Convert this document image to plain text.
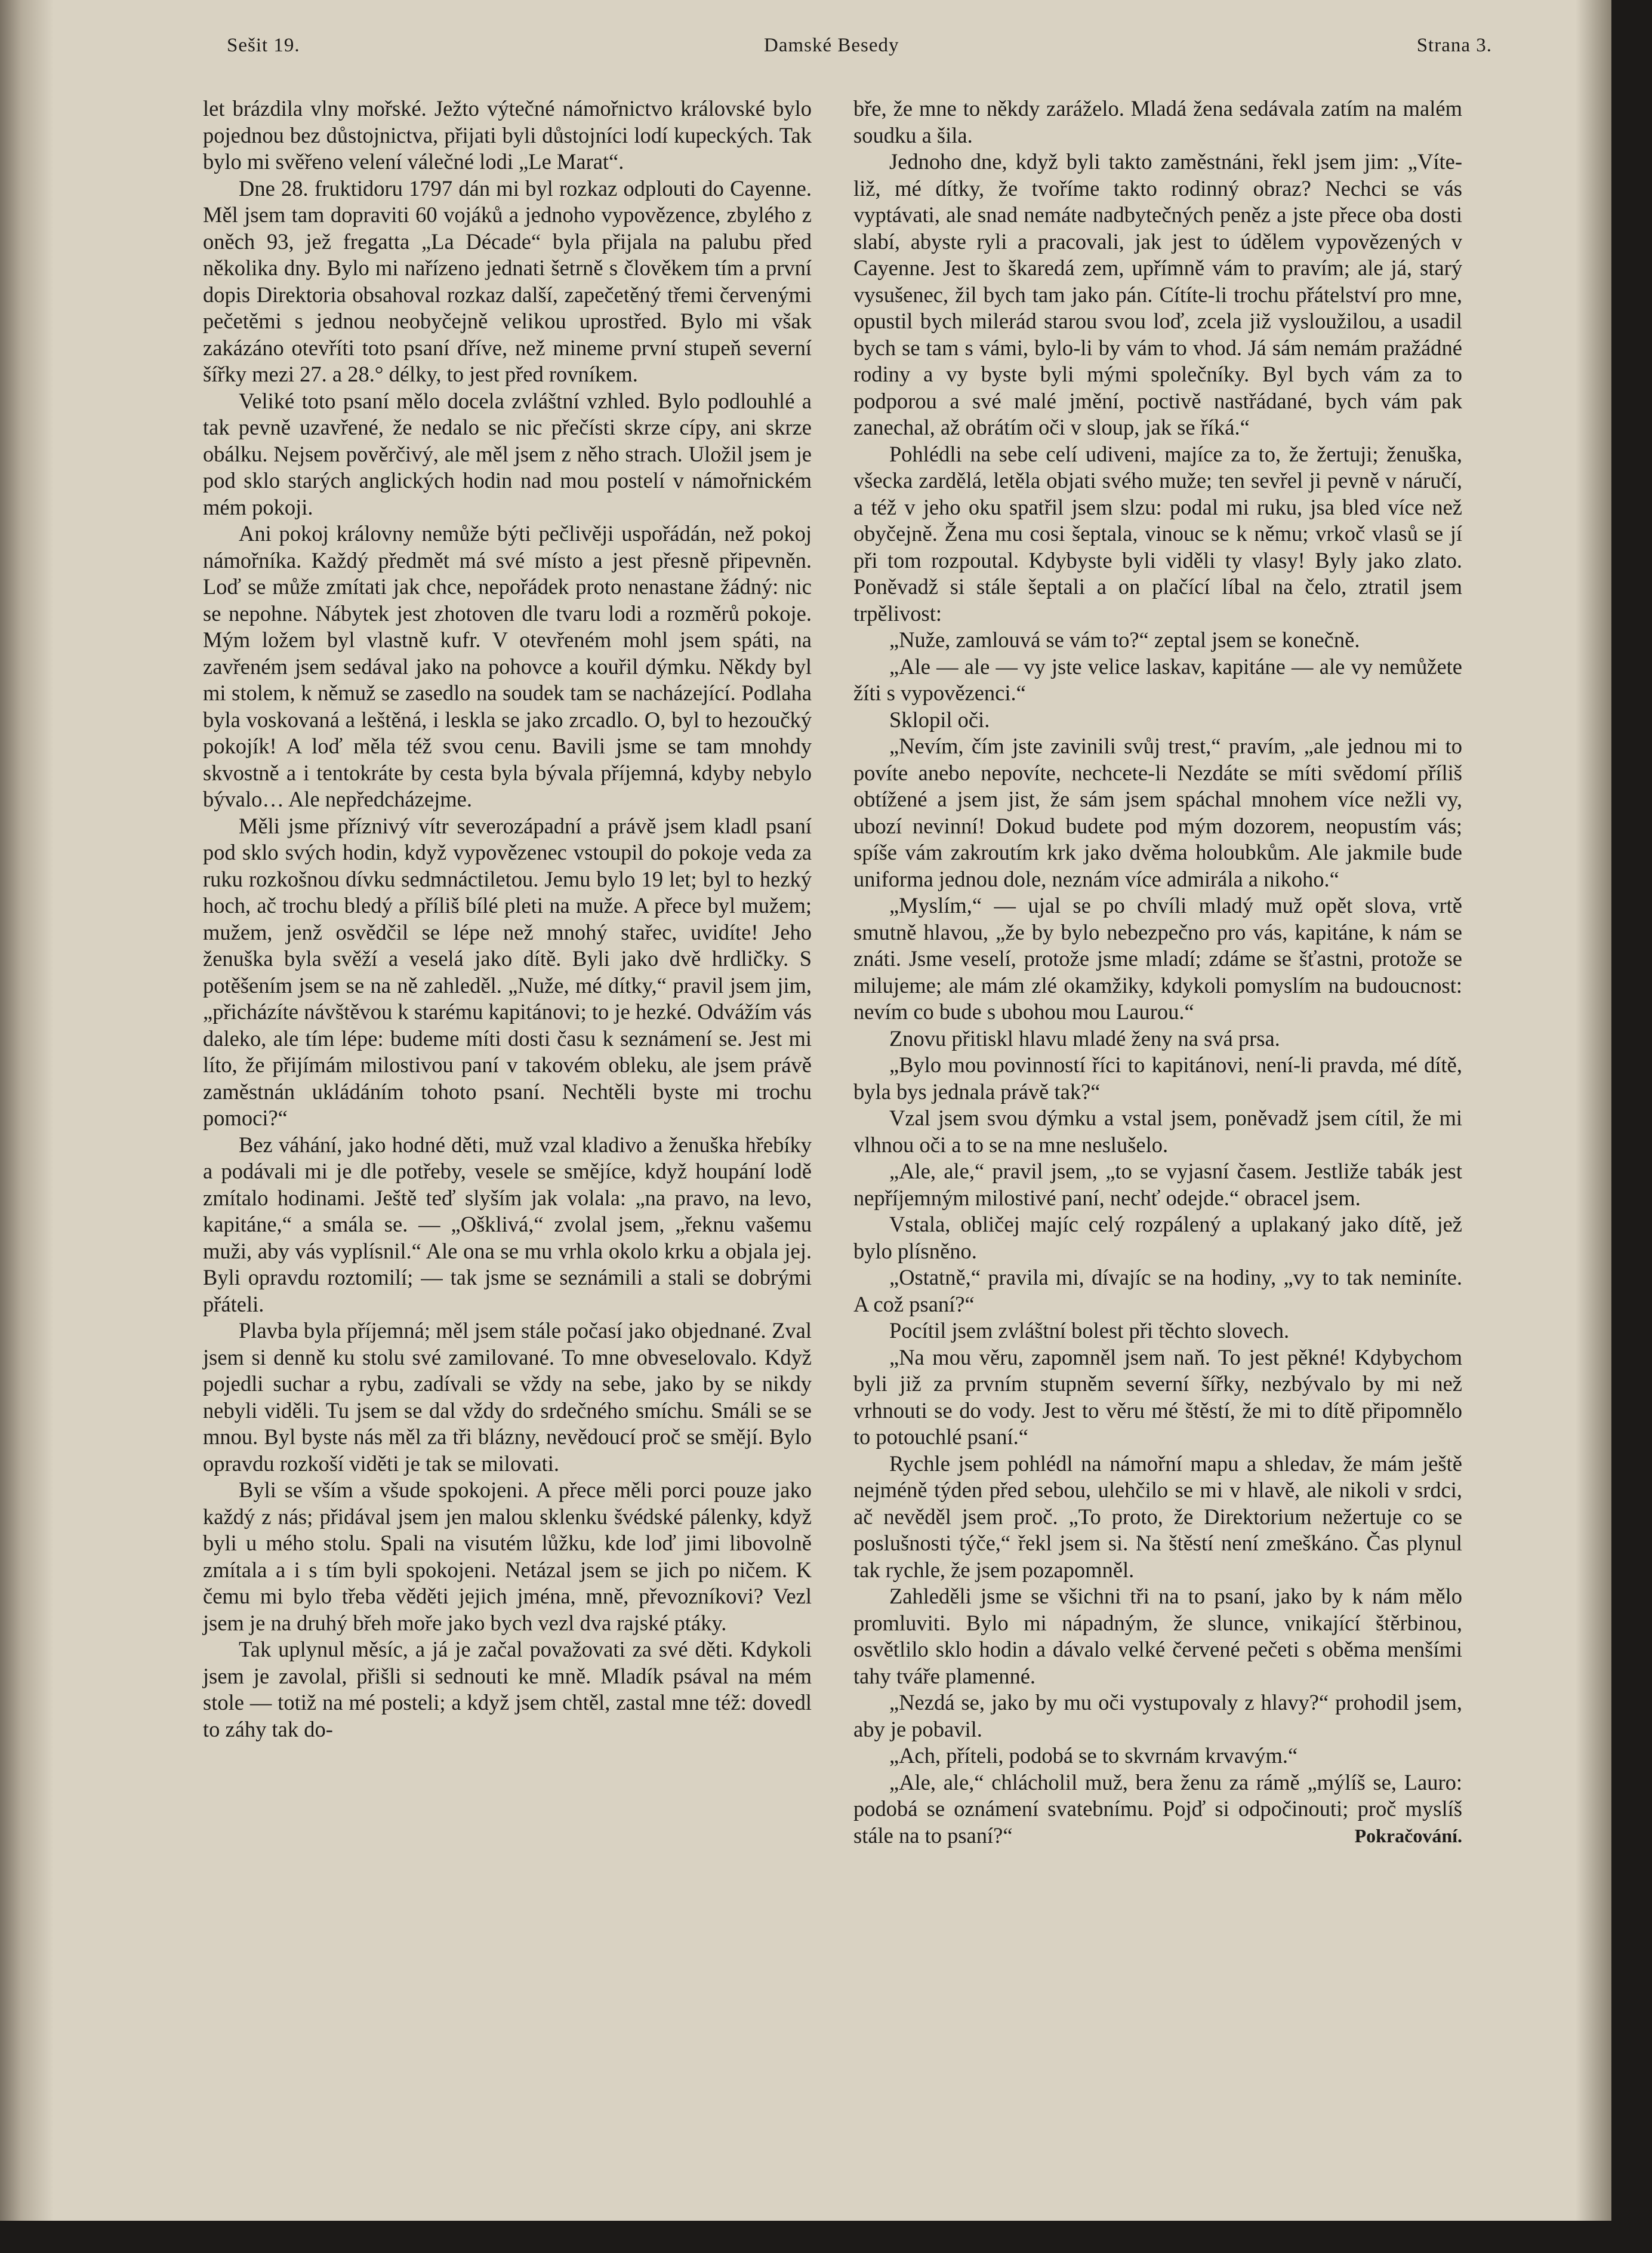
Sešit 19.	Damské Besedy	Strana 3.

let brázdila vlny mořské. Ježto výtečné námořnictvo královské bylo pojednou bez důstojnictva, přijati byli důstojníci lodí kupeckých. Tak bylo mi svěřeno velení válečné lodi „Le Marat“.

Dne 28. fruktidoru 1797 dán mi byl rozkaz odplouti do Cayenne. Měl jsem tam dopraviti 60 vojáků a jednoho vypovězence, zbylého z oněch 93, jež fregatta „La Décade“ byla přijala na palubu před několika dny. Bylo mi nařízeno jednati šetrně s člověkem tím a první dopis Direktoria obsahoval rozkaz další, zapečetěný třemi červenými pečetěmi s jednou neobyčejně velikou uprostřed. Bylo mi však zakázáno otevříti toto psaní dříve, než mineme první stupeň severní šířky mezi 27. a 28.° délky, to jest před rovníkem.

Veliké toto psaní mělo docela zvláštní vzhled. Bylo podlouhlé a tak pevně uzavřené, že nedalo se nic přečísti skrze cípy, ani skrze obálku. Nejsem pověrčivý, ale měl jsem z něho strach. Uložil jsem je pod sklo starých anglických hodin nad mou postelí v námořnickém mém pokoji.

Ani pokoj královny nemůže býti pečlivěji uspořádán, než pokoj námořníka. Každý předmět má své místo a jest přesně připevněn. Loď se může zmítati jak chce, nepořádek proto nenastane žádný: nic se nepohne. Nábytek jest zhotoven dle tvaru lodi a rozměrů pokoje. Mým ložem byl vlastně kufr. V otevřeném mohl jsem spáti, na zavřeném jsem sedával jako na pohovce a kouřil dýmku. Někdy byl mi stolem, k němuž se zasedlo na soudek tam se nacházející. Podlaha byla voskovaná a leštěná, i leskla se jako zrcadlo. O, byl to hezoučký pokojík! A loď měla též svou cenu. Bavili jsme se tam mnohdy skvostně a i tentokráte by cesta byla bývala příjemná, kdyby nebylo bývalo… Ale nepředcházejme.

Měli jsme příznivý vítr severozápadní a právě jsem kladl psaní pod sklo svých hodin, když vypovězenec vstoupil do pokoje veda za ruku rozkošnou dívku sedmnáctiletou. Jemu bylo 19 let; byl to hezký hoch, ač trochu bledý a příliš bílé pleti na muže. A přece byl mužem; mužem, jenž osvědčil se lépe než mnohý stařec, uvidíte! Jeho ženuška byla svěží a veselá jako dítě. Byli jako dvě hrdličky. S potěšením jsem se na ně zahleděl. „Nuže, mé dítky,“ pravil jsem jim, „přicházíte návštěvou k starému kapitánovi; to je hezké. Odvážím vás daleko, ale tím lépe: budeme míti dosti času k seznámení se. Jest mi líto, že přijímám milostivou paní v takovém obleku, ale jsem právě zaměstnán ukládáním tohoto psaní. Nechtěli byste mi trochu pomoci?“

Bez váhání, jako hodné děti, muž vzal kladivo a ženuška hřebíky a podávali mi je dle potřeby, vesele se smějíce, když houpání lodě zmítalo hodinami. Ještě teď slyším jak volala: „na pravo, na levo, kapitáne,“ a smála se. — „Ošklivá,“ zvolal jsem, „řeknu vašemu muži, aby vás vyplísnil.“ Ale ona se mu vrhla okolo krku a objala jej. Byli opravdu roztomilí; — tak jsme se seznámili a stali se dobrými přáteli.

Plavba byla příjemná; měl jsem stále počasí jako objednané. Zval jsem si denně ku stolu své zamilované. To mne obveselovalo. Když pojedli suchar a rybu, zadívali se vždy na sebe, jako by se nikdy nebyli viděli. Tu jsem se dal vždy do srdečného smíchu. Smáli se se mnou. Byl byste nás měl za tři blázny, nevědoucí proč se smějí. Bylo opravdu rozkoší viděti je tak se milovati.

Byli se vším a všude spokojeni. A přece měli porci pouze jako každý z nás; přidával jsem jen malou sklenku švédské pálenky, když byli u mého stolu. Spali na visutém lůžku, kde loď jimi libovolně zmítala a i s tím byli spokojeni. Netázal jsem se jich po ničem. K čemu mi bylo třeba věděti jejich jména, mně, převozníkovi? Vezl jsem je na druhý břeh moře jako bych vezl dva rajské ptáky.

Tak uplynul měsíc, a já je začal považovati za své děti. Kdykoli jsem je zavolal, přišli si sednouti ke mně. Mladík psával na mém stole — totiž na mé posteli; a když jsem chtěl, zastal mne též: dovedl to záhy tak do-

bře, že mne to někdy zaráželo. Mladá žena sedávala zatím na malém soudku a šila.

Jednoho dne, když byli takto zaměstnáni, řekl jsem jim: „Víte-liž, mé dítky, že tvoříme takto rodinný obraz? Nechci se vás vyptávati, ale snad nemáte nadbytečných peněz a jste přece oba dosti slabí, abyste ryli a pracovali, jak jest to údělem vypovězených v Cayenne. Jest to škaredá zem, upřímně vám to pravím; ale já, starý vysušenec, žil bych tam jako pán. Cítíte-li trochu přátelství pro mne, opustil bych milerád starou svou loď, zcela již vysloužilou, a usadil bych se tam s vámi, bylo-li by vám to vhod. Já sám nemám pražádné rodiny a vy byste byli mými společníky. Byl bych vám za to podporou a své malé jmění, poctivě nastřádané, bych vám pak zanechal, až obrátím oči v sloup, jak se říká.“

Pohlédli na sebe celí udiveni, majíce za to, že žertuji; ženuška, všecka zardělá, letěla objati svého muže; ten sevřel ji pevně v náručí, a též v jeho oku spatřil jsem slzu: podal mi ruku, jsa bled více než obyčejně. Žena mu cosi šeptala, vinouc se k němu; vrkoč vlasů se jí při tom rozpoutal. Kdybyste byli viděli ty vlasy! Byly jako zlato. Poněvadž si stále šeptali a on plačící líbal na čelo, ztratil jsem trpělivost:

„Nuže, zamlouvá se vám to?“ zeptal jsem se konečně.

„Ale — ale — vy jste velice laskav, kapitáne — ale vy nemůžete žíti s vypovězenci.“

Sklopil oči.

„Nevím, čím jste zavinili svůj trest,“ pravím, „ale jednou mi to povíte anebo nepovíte, nechcete-li Nezdáte se míti svědomí příliš obtížené a jsem jist, že sám jsem spáchal mnohem více nežli vy, ubozí nevinní! Dokud budete pod mým dozorem, neopustím vás; spíše vám zakroutím krk jako dvěma holoubkům. Ale jakmile bude uniforma jednou dole, neznám více admirála a nikoho.“

„Myslím,“ — ujal se po chvíli mladý muž opět slova, vrtě smutně hlavou, „že by bylo nebezpečno pro vás, kapitáne, k nám se znáti. Jsme veselí, protože jsme mladí; zdáme se šťastni, protože se milujeme; ale mám zlé okamžiky, kdykoli pomyslím na budoucnost: nevím co bude s ubohou mou Laurou.“

Znovu přitiskl hlavu mladé ženy na svá prsa.

„Bylo mou povinností říci to kapitánovi, není-li pravda, mé dítě, byla bys jednala právě tak?“

Vzal jsem svou dýmku a vstal jsem, poněvadž jsem cítil, že mi vlhnou oči a to se na mne neslušelo.

„Ale, ale,“ pravil jsem, „to se vyjasní časem. Jestliže tabák jest nepříjemným milostivé paní, nechť odejde.“ obracel jsem.

Vstala, obličej majíc celý rozpálený a uplakaný jako dítě, jež bylo plísněno.

„Ostatně,“ pravila mi, dívajíc se na hodiny, „vy to tak neminíte. A což psaní?“

Pocítil jsem zvláštní bolest při těchto slovech.

„Na mou věru, zapomněl jsem naň. To jest pěkné! Kdybychom byli již za prvním stupněm severní šířky, nezbývalo by mi než vrhnouti se do vody. Jest to věru mé štěstí, že mi to dítě připomnělo to potouchlé psaní.“

Rychle jsem pohlédl na námořní mapu a shledav, že mám ještě nejméně týden před sebou, ulehčilo se mi v hlavě, ale nikoli v srdci, ač nevěděl jsem proč. „To proto, že Direktorium nežertuje co se poslušnosti týče,“ řekl jsem si. Na štěstí není zmeškáno. Čas plynul tak rychle, že jsem pozapomněl.

Zahleděli jsme se všichni tři na to psaní, jako by k nám mělo promluviti. Bylo mi nápadným, že slunce, vnikající štěrbinou, osvětlilo sklo hodin a dávalo velké červené pečeti s oběma menšími tahy tváře plamenné.

„Nezdá se, jako by mu oči vystupovaly z hlavy?“ prohodil jsem, aby je pobavil.

„Ach, příteli, podobá se to skvrnám krvavým.“

„Ale, ale,“ chlácholil muž, bera ženu za rámě „mýlíš se, Lauro: podobá se oznámení svatebnímu. Pojď si odpočinouti; proč myslíš stále na to psaní?“	Pokračování.
